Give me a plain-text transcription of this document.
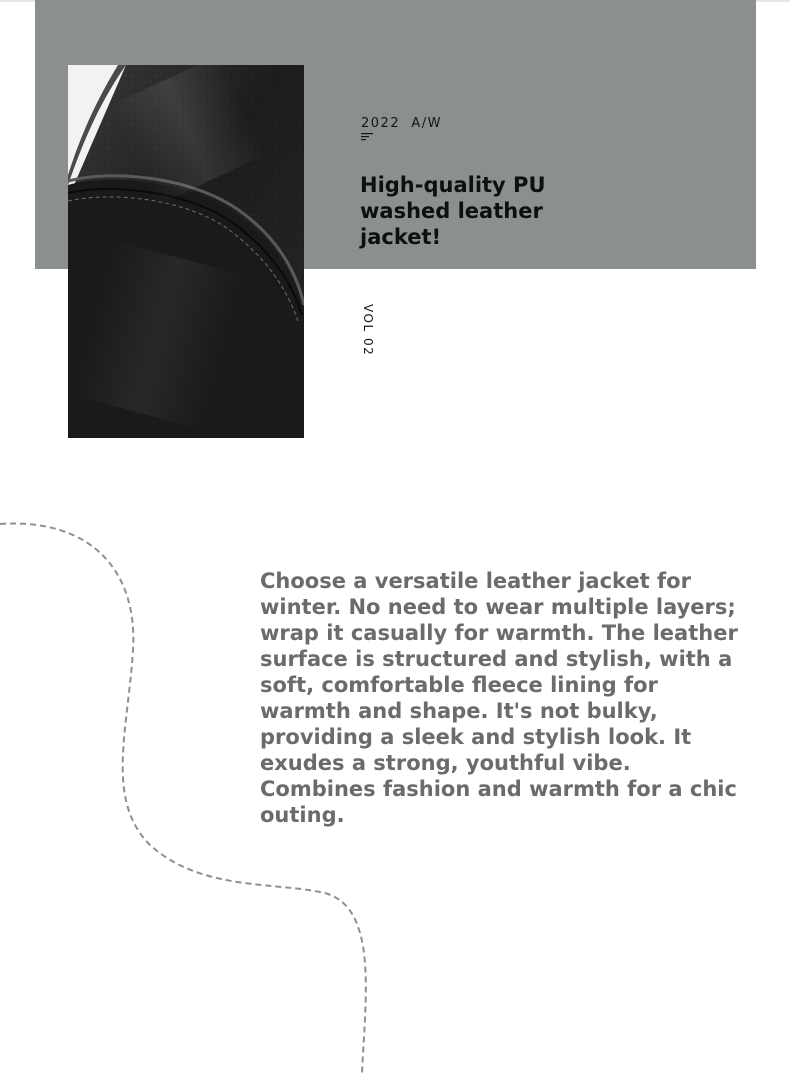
2022  A/W
High-quality PU washed leather jacket!
VOL 02

Choose a versatile leather jacket for winter. No need to wear multiple layers; wrap it casually for warmth. The leather surface is structured and stylish, with a soft, comfortable fleece lining for warmth and shape. It's not bulky, providing a sleek and stylish look. It exudes a strong, youthful vibe. Combines fashion and warmth for a chic outing.
